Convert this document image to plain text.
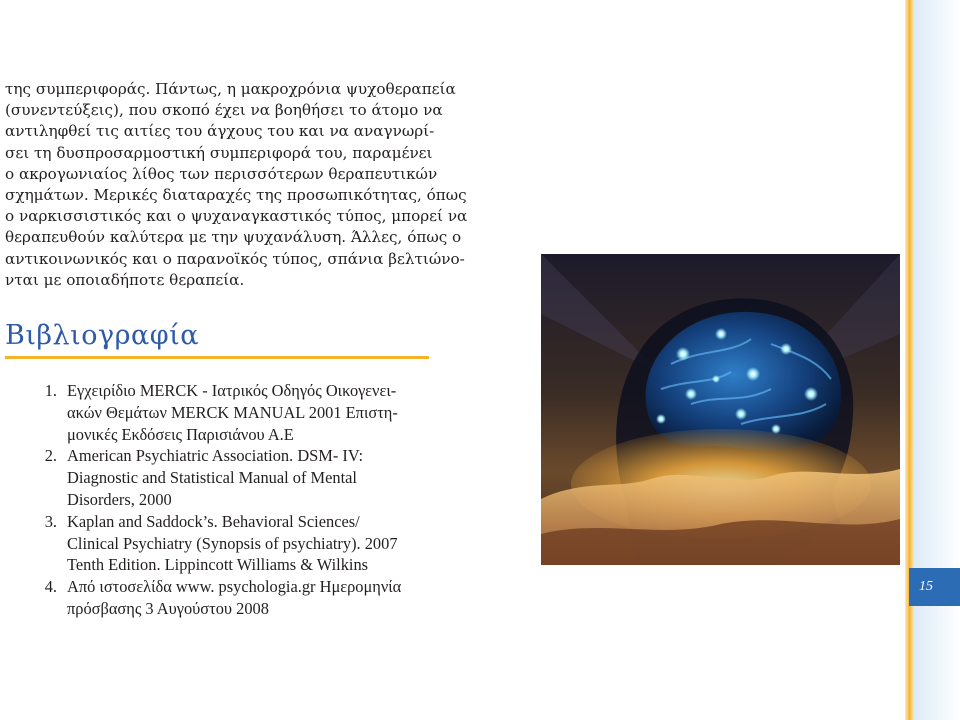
της συμπεριφοράς. Πάντως, η μακροχρόνια ψυχοθεραπεία
(συνεντεύξεις), που σκοπό έχει να βοηθήσει το άτομο να
αντιληφθεί τις αιτίες του άγχους του και να αναγνωρί-
σει τη δυσπροσαρμοστική συμπεριφορά του, παραμένει
ο ακρογωνιαίος λίθος των περισσότερων θεραπευτικών
σχημάτων. Μερικές διαταραχές της προσωπικότητας, όπως
ο ναρκισσιστικός και ο ψυχαναγκαστικός τύπος, μπορεί να
θεραπευθούν καλύτερα με την ψυχανάλυση. Άλλες, όπως ο
αντικοινωνικός και ο παρανοϊκός τύπος, σπάνια βελτιώνο-
νται με οποιαδήποτε θεραπεία.
Βιβλιογραφία
1. Εγχειρίδιο MERCK - Ιατρικός Οδηγός Οικογενει-
ακών Θεμάτων MERCK MANUAL 2001 Επιστη-
μονικές Εκδόσεις Παρισιάνου Α.Ε
2. American Psychiatric Association. DSM- IV:
Diagnostic and Statistical Manual of Mental
Disorders, 2000
3. Kaplan and Saddock’s. Behavioral Sciences/
Clinical Psychiatry (Synopsis of psychiatry). 2007
Tenth Edition. Lippincott Williams & Wilkins
4. Από ιστοσελίδα www. psychologia.gr Ημερομηνία
πρόσβασης 3 Αυγούστου 2008
15
